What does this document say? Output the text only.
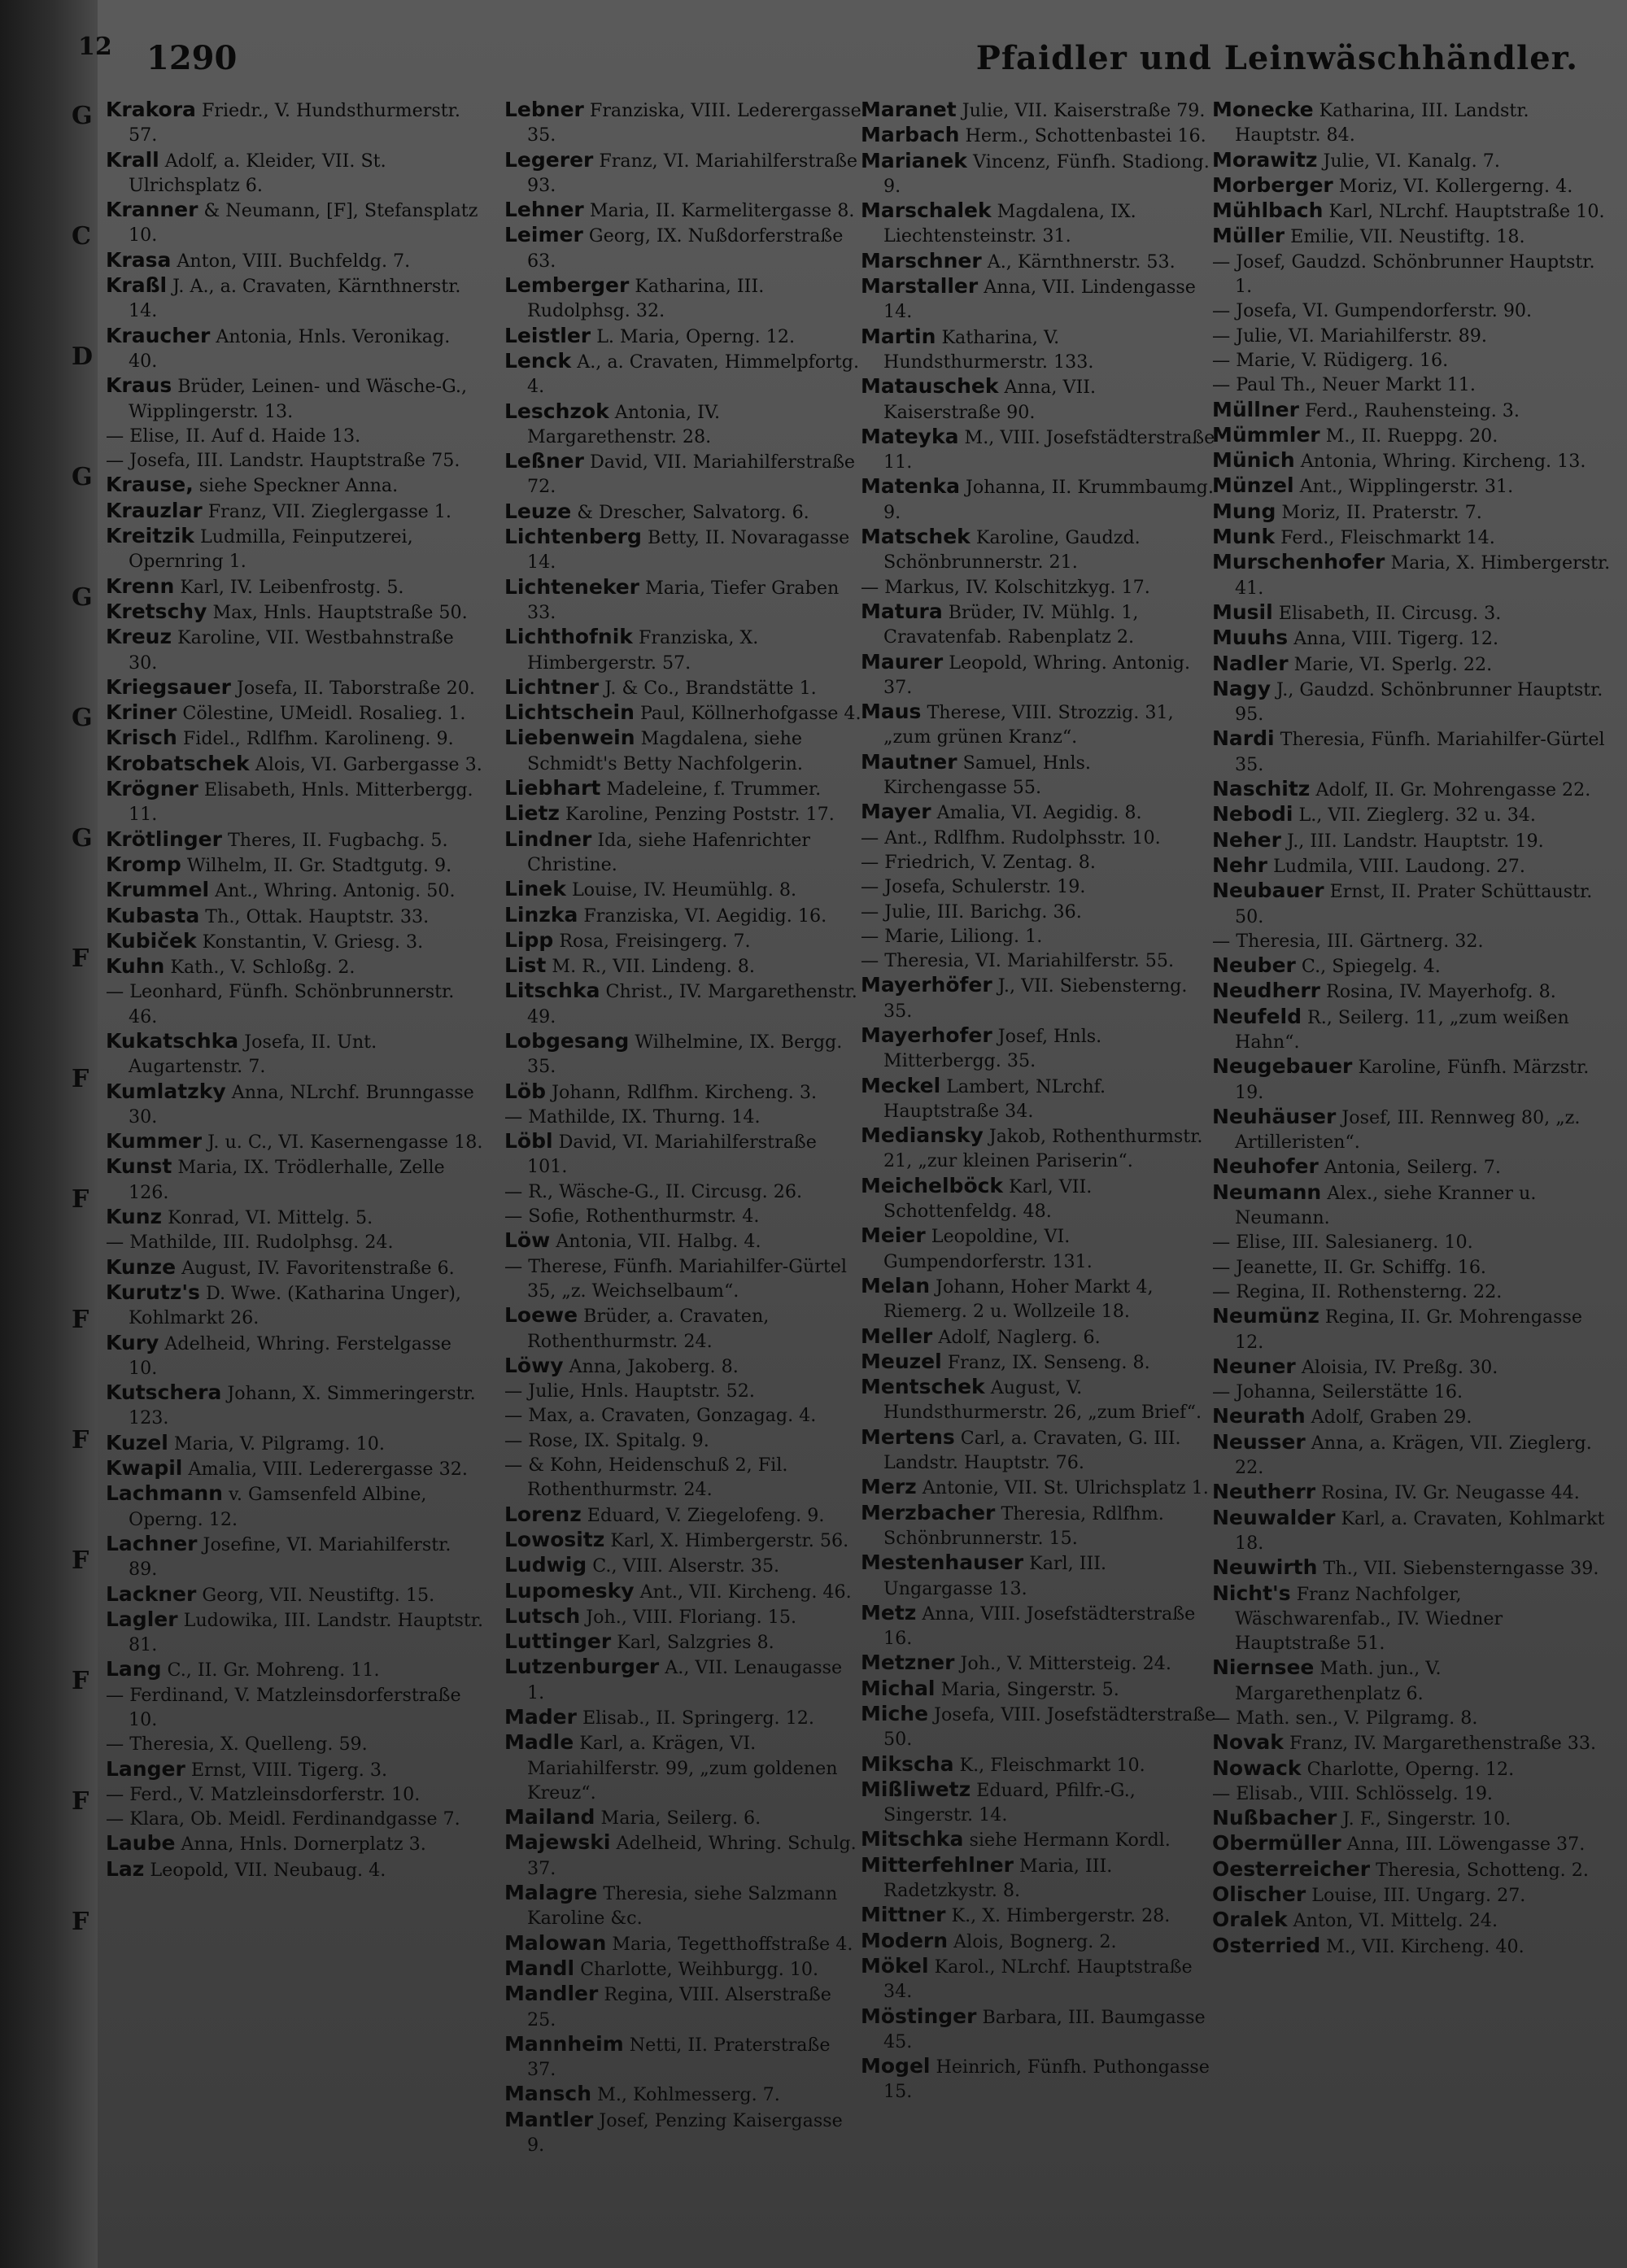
12
G
C
D
G
G
G
G
F
F
F
F
F
F
F
F
F
1290	Pfaidler und Leinwäschhändler.

Krakora Friedr., V. Hundsthurmerstr. 57.

Krall Adolf, a. Kleider, VII. St. Ulrichsplatz 6.

Kranner & Neumann, [F], Stefansplatz 10.

Krasa Anton, VIII. Buchfeldg. 7.

Kraßl J. A., a. Cravaten, Kärnthnerstr. 14.

Kraucher Antonia, Hnls. Veronikag. 40.

Kraus Brüder, Leinen- und Wäsche-G., Wipplingerstr. 13.

— Elise, II. Auf d. Haide 13.

— Josefa, III. Landstr. Hauptstraße 75.

Krause, siehe Speckner Anna.

Krauzlar Franz, VII. Zieglergasse 1.

Kreitzik Ludmilla, Feinputzerei, Opernring 1.

Krenn Karl, IV. Leibenfrostg. 5.

Kretschy Max, Hnls. Hauptstraße 50.

Kreuz Karoline, VII. Westbahnstraße 30.

Kriegsauer Josefa, II. Taborstraße 20.

Kriner Cölestine, UMeidl. Rosalieg. 1.

Krisch Fidel., Rdlfhm. Karolineng. 9.

Krobatschek Alois, VI. Garbergasse 3.

Krögner Elisabeth, Hnls. Mitterbergg. 11.

Krötlinger Theres, II. Fugbachg. 5.

Kromp Wilhelm, II. Gr. Stadtgutg. 9.

Krummel Ant., Whring. Antonig. 50.

Kubasta Th., Ottak. Hauptstr. 33.

Kubiček Konstantin, V. Griesg. 3.

Kuhn Kath., V. Schloßg. 2.

— Leonhard, Fünfh. Schönbrunnerstr. 46.

Kukatschka Josefa, II. Unt. Augartenstr. 7.

Kumlatzky Anna, NLrchf. Brunngasse 30.

Kummer J. u. C., VI. Kasernengasse 18.

Kunst Maria, IX. Trödlerhalle, Zelle 126.

Kunz Konrad, VI. Mittelg. 5.

— Mathilde, III. Rudolphsg. 24.

Kunze August, IV. Favoritenstraße 6.

Kurutz's D. Wwe. (Katharina Unger), Kohlmarkt 26.

Kury Adelheid, Whring. Ferstelgasse 10.

Kutschera Johann, X. Simmeringerstr. 123.

Kuzel Maria, V. Pilgramg. 10.

Kwapil Amalia, VIII. Lederergasse 32.

Lachmann v. Gamsenfeld Albine, Operng. 12.

Lachner Josefine, VI. Mariahilferstr. 89.

Lackner Georg, VII. Neustiftg. 15.

Lagler Ludowika, III. Landstr. Hauptstr. 81.

Lang C., II. Gr. Mohreng. 11.

— Ferdinand, V. Matzleinsdorferstraße 10.

— Theresia, X. Quelleng. 59.

Langer Ernst, VIII. Tigerg. 3.

— Ferd., V. Matzleinsdorferstr. 10.

— Klara, Ob. Meidl. Ferdinandgasse 7.

Laube Anna, Hnls. Dornerplatz 3.

Laz Leopold, VII. Neubaug. 4.

Lebner Franziska, VIII. Lederergasse 35.

Legerer Franz, VI. Mariahilferstraße 93.

Lehner Maria, II. Karmelitergasse 8.

Leimer Georg, IX. Nußdorferstraße 63.

Lemberger Katharina, III. Rudolphsg. 32.

Leistler L. Maria, Operng. 12.

Lenck A., a. Cravaten, Himmelpfortg. 4.

Leschzok Antonia, IV. Margarethenstr. 28.

Leßner David, VII. Mariahilferstraße 72.

Leuze & Drescher, Salvatorg. 6.

Lichtenberg Betty, II. Novaragasse 14.

Lichteneker Maria, Tiefer Graben 33.

Lichthofnik Franziska, X. Himbergerstr. 57.

Lichtner J. & Co., Brandstätte 1.

Lichtschein Paul, Köllnerhofgasse 4.

Liebenwein Magdalena, siehe Schmidt's Betty Nachfolgerin.

Liebhart Madeleine, f. Trummer.

Lietz Karoline, Penzing Poststr. 17.

Lindner Ida, siehe Hafenrichter Christine.

Linek Louise, IV. Heumühlg. 8.

Linzka Franziska, VI. Aegidig. 16.

Lipp Rosa, Freisingerg. 7.

List M. R., VII. Lindeng. 8.

Litschka Christ., IV. Margarethenstr. 49.

Lobgesang Wilhelmine, IX. Bergg. 35.

Löb Johann, Rdlfhm. Kircheng. 3.

— Mathilde, IX. Thurng. 14.

Löbl David, VI. Mariahilferstraße 101.

— R., Wäsche-G., II. Circusg. 26.

— Sofie, Rothenthurmstr. 4.

Löw Antonia, VII. Halbg. 4.

— Therese, Fünfh. Mariahilfer-Gürtel 35, „z. Weichselbaum“.

Loewe Brüder, a. Cravaten, Rothenthurmstr. 24.

Löwy Anna, Jakoberg. 8.

— Julie, Hnls. Hauptstr. 52.

— Max, a. Cravaten, Gonzagag. 4.

— Rose, IX. Spitalg. 9.

— & Kohn, Heidenschuß 2, Fil. Rothenthurmstr. 24.

Lorenz Eduard, V. Ziegelofeng. 9.

Lowositz Karl, X. Himbergerstr. 56.

Ludwig C., VIII. Alserstr. 35.

Lupomesky Ant., VII. Kircheng. 46.

Lutsch Joh., VIII. Floriang. 15.

Luttinger Karl, Salzgries 8.

Lutzenburger A., VII. Lenaugasse 1.

Mader Elisab., II. Springerg. 12.

Madle Karl, a. Krägen, VI. Mariahilferstr. 99, „zum goldenen Kreuz“.

Mailand Maria, Seilerg. 6.

Majewski Adelheid, Whring. Schulg. 37.

Malagre Theresia, siehe Salzmann Karoline &c.

Malowan Maria, Tegetthoffstraße 4.

Mandl Charlotte, Weihburgg. 10.

Mandler Regina, VIII. Alserstraße 25.

Mannheim Netti, II. Praterstraße 37.

Mansch M., Kohlmesserg. 7.

Mantler Josef, Penzing Kaisergasse 9.

Maranet Julie, VII. Kaiserstraße 79.

Marbach Herm., Schottenbastei 16.

Marianek Vincenz, Fünfh. Stadiong. 9.

Marschalek Magdalena, IX. Liechtensteinstr. 31.

Marschner A., Kärnthnerstr. 53.

Marstaller Anna, VII. Lindengasse 14.

Martin Katharina, V. Hundsthurmerstr. 133.

Matauschek Anna, VII. Kaiserstraße 90.

Mateyka M., VIII. Josefstädterstraße 11.

Matenka Johanna, II. Krummbaumg. 9.

Matschek Karoline, Gaudzd. Schönbrunnerstr. 21.

— Markus, IV. Kolschitzkyg. 17.

Matura Brüder, IV. Mühlg. 1, Cravatenfab. Rabenplatz 2.

Maurer Leopold, Whring. Antonig. 37.

Maus Therese, VIII. Strozzig. 31, „zum grünen Kranz“.

Mautner Samuel, Hnls. Kirchengasse 55.

Mayer Amalia, VI. Aegidig. 8.

— Ant., Rdlfhm. Rudolphsstr. 10.

— Friedrich, V. Zentag. 8.

— Josefa, Schulerstr. 19.

— Julie, III. Barichg. 36.

— Marie, Liliong. 1.

— Theresia, VI. Mariahilferstr. 55.

Mayerhöfer J., VII. Siebensterng. 35.

Mayerhofer Josef, Hnls. Mitterbergg. 35.

Meckel Lambert, NLrchf. Hauptstraße 34.

Mediansky Jakob, Rothenthurmstr. 21, „zur kleinen Pariserin“.

Meichelböck Karl, VII. Schottenfeldg. 48.

Meier Leopoldine, VI. Gumpendorferstr. 131.

Melan Johann, Hoher Markt 4, Riemerg. 2 u. Wollzeile 18.

Meller Adolf, Naglerg. 6.

Meuzel Franz, IX. Senseng. 8.

Mentschek August, V. Hundsthurmerstr. 26, „zum Brief“.

Mertens Carl, a. Cravaten, G. III. Landstr. Hauptstr. 76.

Merz Antonie, VII. St. Ulrichsplatz 1.

Merzbacher Theresia, Rdlfhm. Schönbrunnerstr. 15.

Mestenhauser Karl, III. Ungargasse 13.

Metz Anna, VIII. Josefstädterstraße 16.

Metzner Joh., V. Mittersteig. 24.

Michal Maria, Singerstr. 5.

Miche Josefa, VIII. Josefstädterstraße 50.

Mikscha K., Fleischmarkt 10.

Mißliwetz Eduard, Pfilfr.-G., Singerstr. 14.

Mitschka siehe Hermann Kordl.

Mitterfehlner Maria, III. Radetzkystr. 8.

Mittner K., X. Himbergerstr. 28.

Modern Alois, Bognerg. 2.

Mökel Karol., NLrchf. Hauptstraße 34.

Möstinger Barbara, III. Baumgasse 45.

Mogel Heinrich, Fünfh. Puthongasse 15.

Monecke Katharina, III. Landstr. Hauptstr. 84.

Morawitz Julie, VI. Kanalg. 7.

Morberger Moriz, VI. Kollergerng. 4.

Mühlbach Karl, NLrchf. Hauptstraße 10.

Müller Emilie, VII. Neustiftg. 18.

— Josef, Gaudzd. Schönbrunner Hauptstr. 1.

— Josefa, VI. Gumpendorferstr. 90.

— Julie, VI. Mariahilferstr. 89.

— Marie, V. Rüdigerg. 16.

— Paul Th., Neuer Markt 11.

Müllner Ferd., Rauhensteing. 3.

Mümmler M., II. Rueppg. 20.

Münich Antonia, Whring. Kircheng. 13.

Münzel Ant., Wipplingerstr. 31.

Mung Moriz, II. Praterstr. 7.

Munk Ferd., Fleischmarkt 14.

Murschenhofer Maria, X. Himbergerstr. 41.

Musil Elisabeth, II. Circusg. 3.

Muuhs Anna, VIII. Tigerg. 12.

Nadler Marie, VI. Sperlg. 22.

Nagy J., Gaudzd. Schönbrunner Hauptstr. 95.

Nardi Theresia, Fünfh. Mariahilfer-Gürtel 35.

Naschitz Adolf, II. Gr. Mohrengasse 22.

Nebodi L., VII. Zieglerg. 32 u. 34.

Neher J., III. Landstr. Hauptstr. 19.

Nehr Ludmila, VIII. Laudong. 27.

Neubauer Ernst, II. Prater Schüttaustr. 50.

— Theresia, III. Gärtnerg. 32.

Neuber C., Spiegelg. 4.

Neudherr Rosina, IV. Mayerhofg. 8.

Neufeld R., Seilerg. 11, „zum weißen Hahn“.

Neugebauer Karoline, Fünfh. Märzstr. 19.

Neuhäuser Josef, III. Rennweg 80, „z. Artilleristen“.

Neuhofer Antonia, Seilerg. 7.

Neumann Alex., siehe Kranner u. Neumann.

— Elise, III. Salesianerg. 10.

— Jeanette, II. Gr. Schiffg. 16.

— Regina, II. Rothensterng. 22.

Neumünz Regina, II. Gr. Mohrengasse 12.

Neuner Aloisia, IV. Preßg. 30.

— Johanna, Seilerstätte 16.

Neurath Adolf, Graben 29.

Neusser Anna, a. Krägen, VII. Zieglerg. 22.

Neutherr Rosina, IV. Gr. Neugasse 44.

Neuwalder Karl, a. Cravaten, Kohlmarkt 18.

Neuwirth Th., VII. Siebensterngasse 39.

Nicht's Franz Nachfolger, Wäschwarenfab., IV. Wiedner Hauptstraße 51.

Niernsee Math. jun., V. Margarethenplatz 6.

— Math. sen., V. Pilgramg. 8.

Novak Franz, IV. Margarethenstraße 33.

Nowack Charlotte, Operng. 12.

— Elisab., VIII. Schlösselg. 19.

Nußbacher J. F., Singerstr. 10.

Obermüller Anna, III. Löwengasse 37.

Oesterreicher Theresia, Schotteng. 2.

Olischer Louise, III. Ungarg. 27.

Oralek Anton, VI. Mittelg. 24.

Osterried M., VII. Kircheng. 40.
